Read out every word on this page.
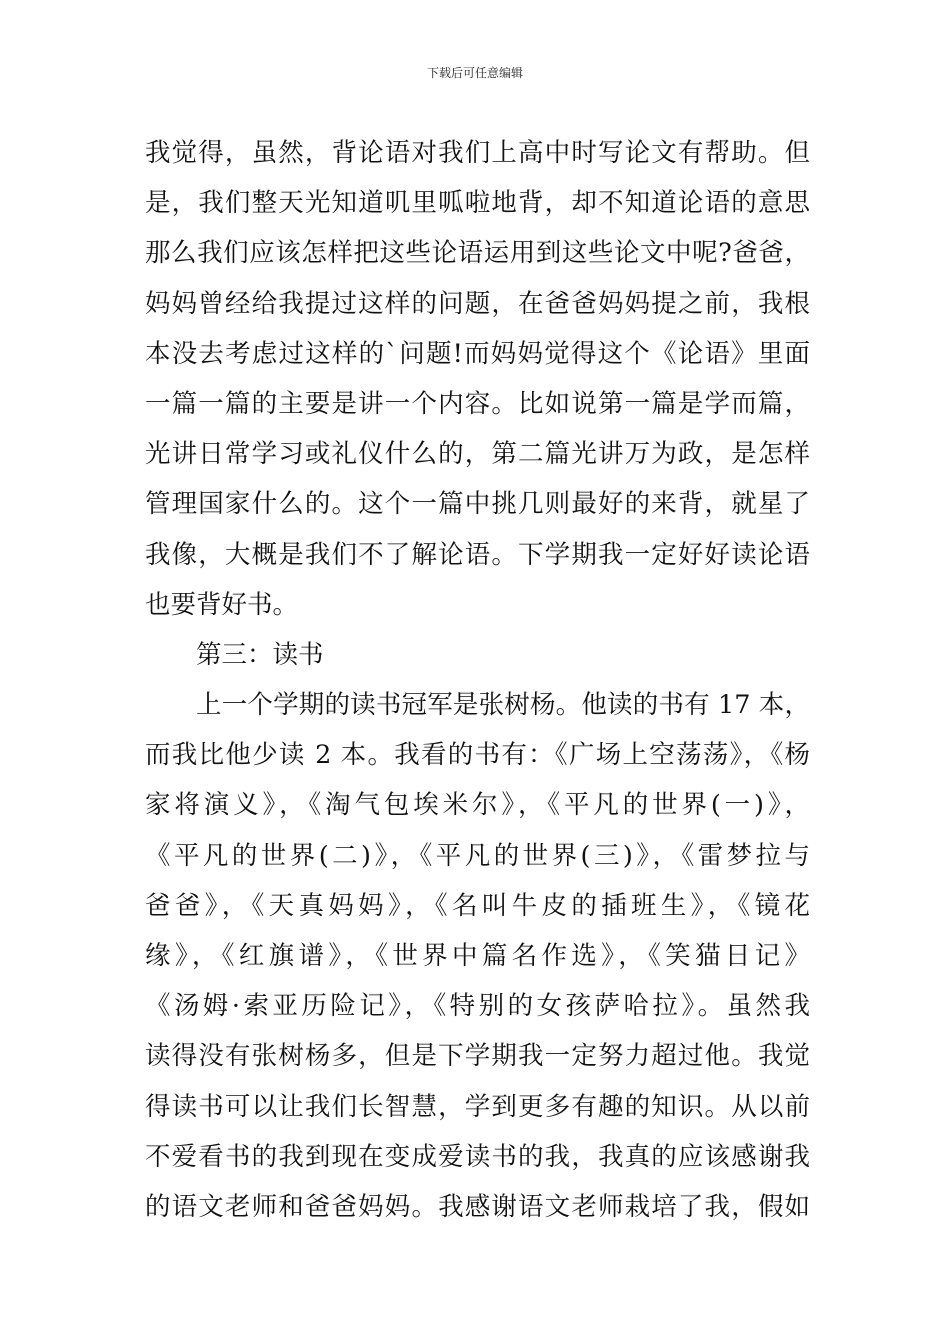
下载后可任意编辑
我觉得，虽然，背论语对我们上高中时写论文有帮助。但
是，我们整天光知道叽里呱啦地背，却不知道论语的意思
那么我们应该怎样把这些论语运用到这些论文中呢?爸爸，
妈妈曾经给我提过这样的问题，在爸爸妈妈提之前，我根
本没去考虑过这样的`问题!而妈妈觉得这个《论语》里面
一篇一篇的主要是讲一个内容。比如说第一篇是学而篇，
光讲日常学习或礼仪什么的，第二篇光讲万为政，是怎样
管理国家什么的。这个一篇中挑几则最好的来背，就星了
我像，大概是我们不了解论语。下学期我一定好好读论语
也要背好书。
第三：读书
上一个学期的读书冠军是张树杨。他读的书有 17 本，
而我比他少读 2 本。我看的书有：《广场上空荡荡》，《杨
家将演义》，《淘气包埃米尔》，《平凡的世界(一)》，
《平凡的世界(二)》，《平凡的世界(三)》，《雷梦拉与
爸爸》，《天真妈妈》，《名叫牛皮的插班生》，《镜花
缘》，《红旗谱》，《世界中篇名作选》，《笑猫日记》
《汤姆·索亚历险记》，《特别的女孩萨哈拉》。虽然我
读得没有张树杨多，但是下学期我一定努力超过他。我觉
得读书可以让我们长智慧，学到更多有趣的知识。从以前
不爱看书的我到现在变成爱读书的我，我真的应该感谢我
的语文老师和爸爸妈妈。我感谢语文老师栽培了我，假如
